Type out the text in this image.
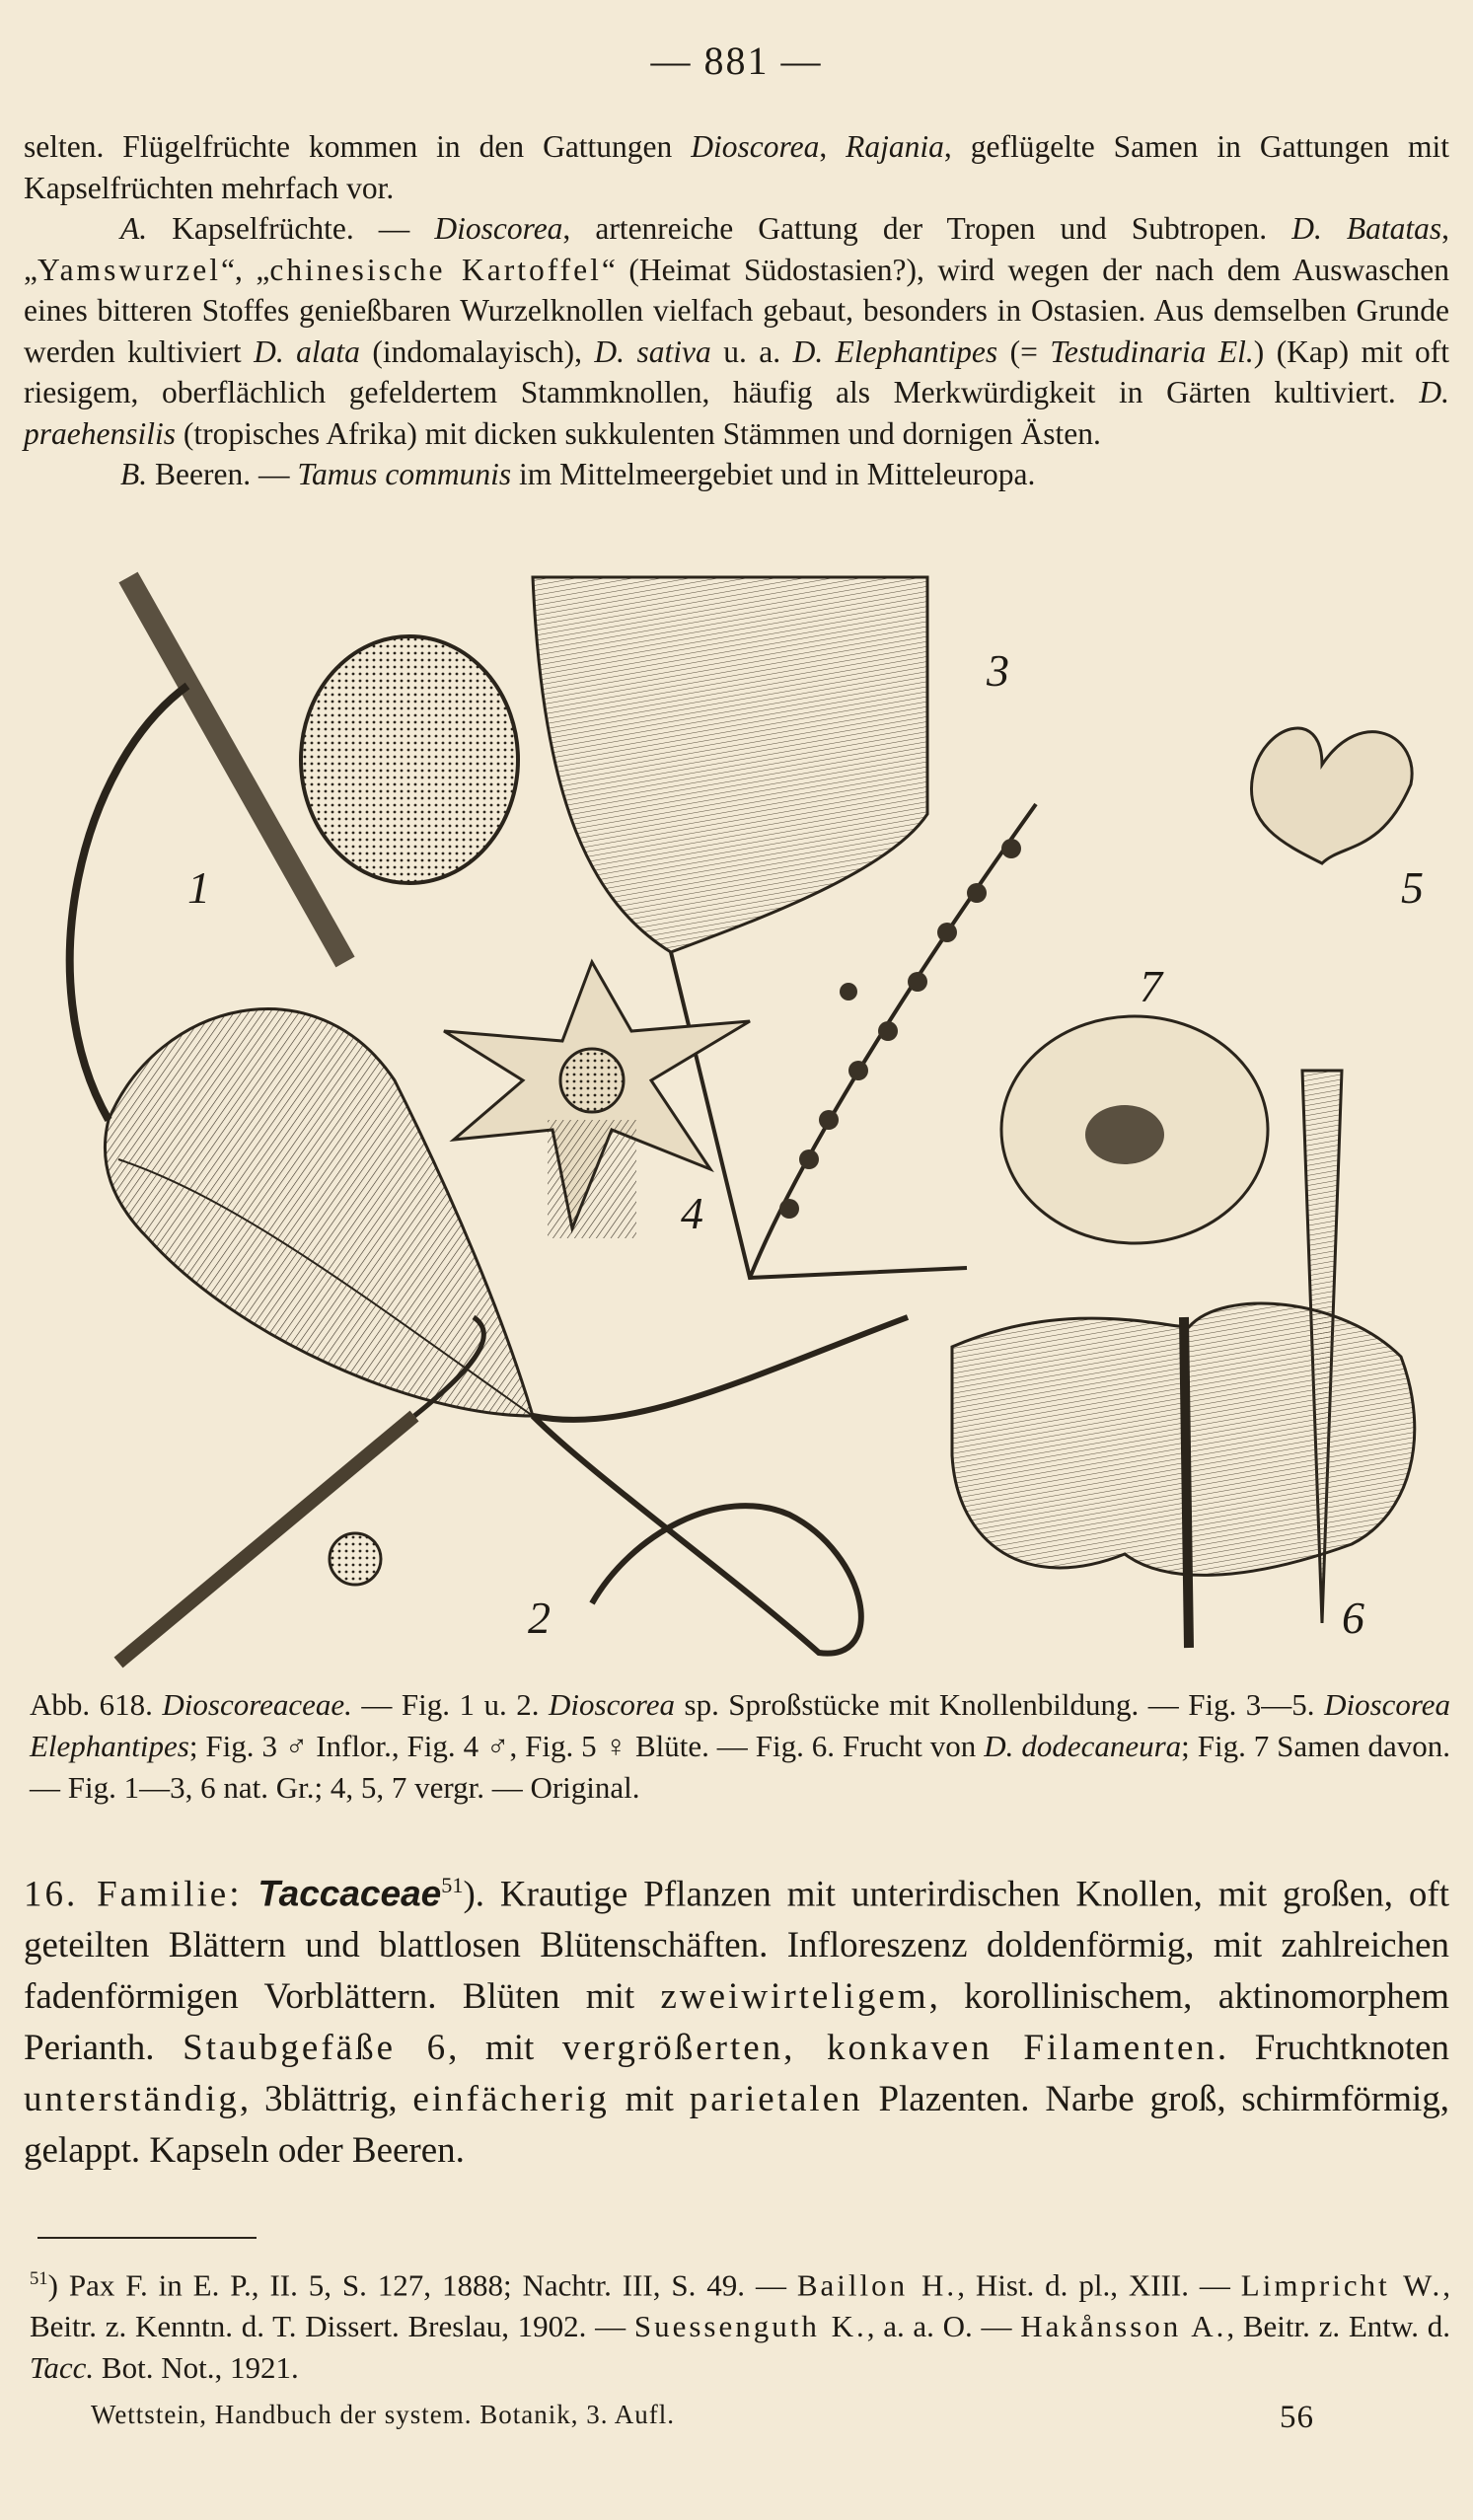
— 881 —

selten. Flügelfrüchte kommen in den Gattungen Dioscorea, Rajania, geflügelte Samen in Gattungen mit Kapselfrüchten mehrfach vor.

A. Kapselfrüchte. — Dioscorea, artenreiche Gattung der Tropen und Subtropen. D. Batatas, „Yamswurzel“, „chinesische Kartoffel“ (Heimat Südostasien?), wird wegen der nach dem Auswaschen eines bitteren Stoffes genießbaren Wurzelknollen vielfach gebaut, besonders in Ostasien. Aus demselben Grunde werden kultiviert D. alata (indomalayisch), D. sativa u. a. D. Elephantipes (= Testudinaria El.) (Kap) mit oft riesigem, oberflächlich gefeldertem Stammknollen, häufig als Merkwürdigkeit in Gärten kultiviert. D. praehensilis (tropisches Afrika) mit dicken sukkulenten Stämmen und dornigen Ästen.

B. Beeren. — Tamus communis im Mittelmeergebiet und in Mitteleuropa.

1
2
3
4
5
6
7
Abb. 618. Dioscoreaceae. — Fig. 1 u. 2. Dioscorea sp. Sproßstücke mit Knollenbildung. — Fig. 3—5. Dioscorea Elephantipes; Fig. 3 ♂ Inflor., Fig. 4 ♂, Fig. 5 ♀ Blüte. — Fig. 6. Frucht von D. dodecaneura; Fig. 7 Samen davon. — Fig. 1—3, 6 nat. Gr.; 4, 5, 7 vergr. — Original.
16. Familie: Taccaceae$^{51}$). Krautige Pflanzen mit unterirdischen Knollen, mit großen, oft geteilten Blättern und blattlosen Blütenschäften. Infloreszenz doldenförmig, mit zahlreichen fadenförmigen Vorblättern. Blüten mit zweiwirteligem, korollinischem, aktinomorphem Perianth. Staubgefäße 6, mit vergrößerten, konkaven Filamenten. Fruchtknoten unterständig, 3blättrig, einfächerig mit parietalen Plazenten. Narbe groß, schirmförmig, gelappt. Kapseln oder Beeren.
$^{51}$) Pax F. in E. P., II. 5, S. 127, 1888; Nachtr. III, S. 49. — Baillon H., Hist. d. pl., XIII. — Limpricht W., Beitr. z. Kenntn. d. T. Dissert. Breslau, 1902. — Suessenguth K., a. a. O. — Hakånsson A., Beitr. z. Entw. d. Tacc. Bot. Not., 1921.
Wettstein, Handbuch der system. Botanik, 3. Aufl.	56
